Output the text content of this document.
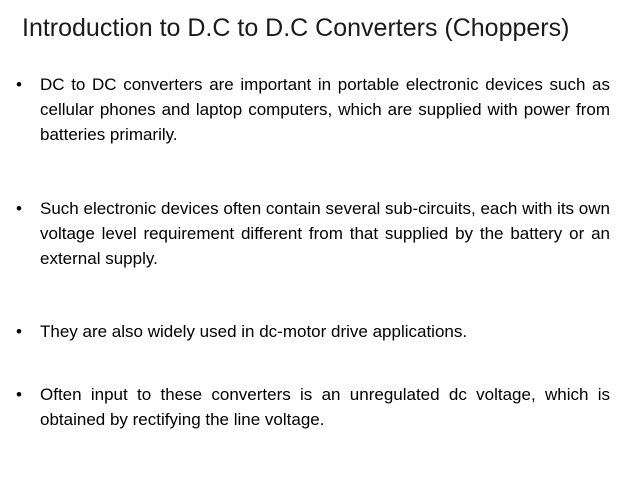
Introduction to D.C to D.C Converters (Choppers)
• DC to DC converters are important in portable electronic devices such as cellular phones and laptop computers, which are supplied with power from batteries primarily.
• Such electronic devices often contain several sub-circuits, each with its own voltage level requirement different from that supplied by the battery or an external supply.
• They are also widely used in dc-motor drive applications.
• Often input to these converters is an unregulated dc voltage, which is obtained by rectifying the line voltage.
